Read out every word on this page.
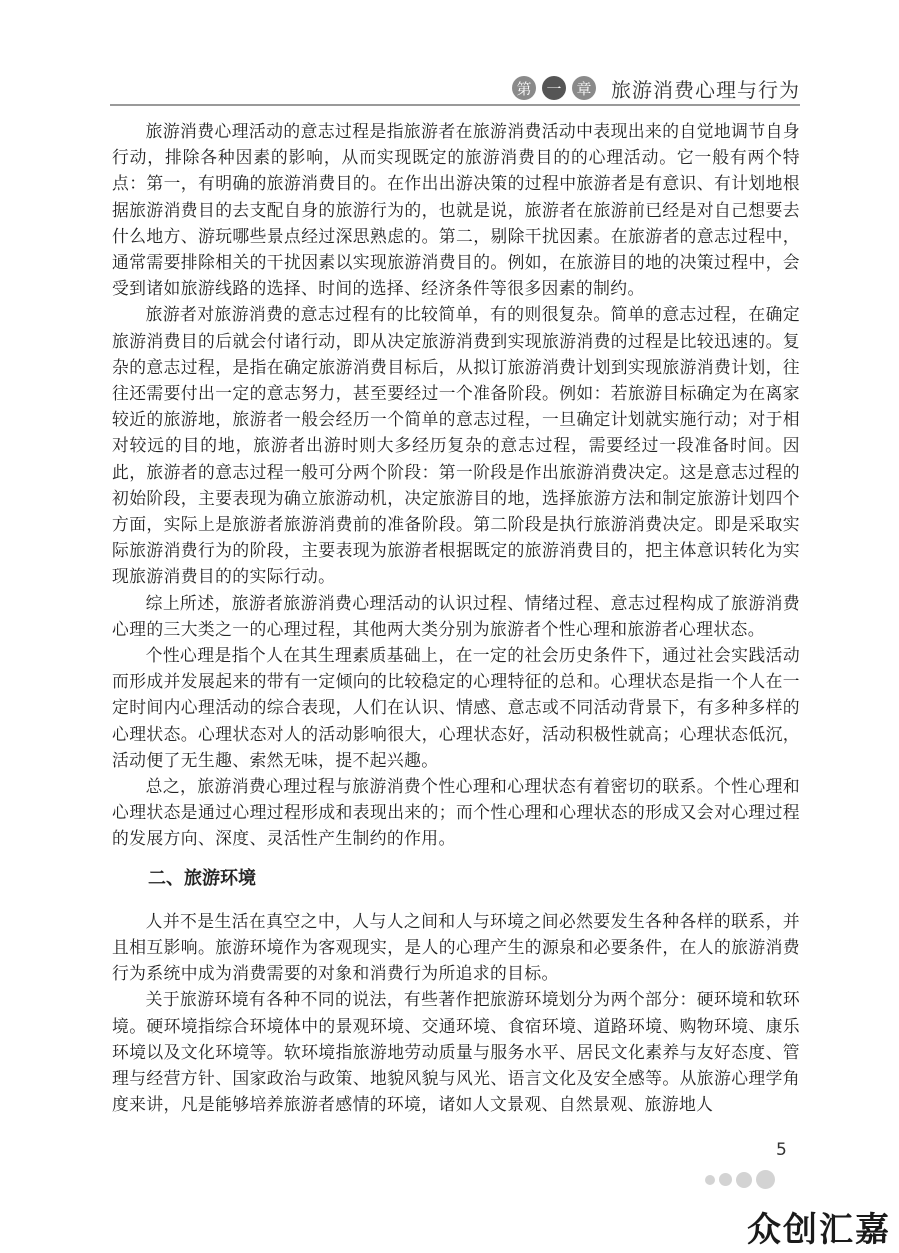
第 一 章 旅游消费心理与行为

旅游消费心理活动的意志过程是指旅游者在旅游消费活动中表现出来的自觉地调节自身行动，排除各种因素的影响，从而实现既定的旅游消费目的的心理活动。它一般有两个特点：第一，有明确的旅游消费目的。在作出出游决策的过程中旅游者是有意识、有计划地根据旅游消费目的去支配自身的旅游行为的，也就是说，旅游者在旅游前已经是对自己想要去什么地方、游玩哪些景点经过深思熟虑的。第二，剔除干扰因素。在旅游者的意志过程中，通常需要排除相关的干扰因素以实现旅游消费目的。例如，在旅游目的地的决策过程中，会受到诸如旅游线路的选择、时间的选择、经济条件等很多因素的制约。

旅游者对旅游消费的意志过程有的比较简单，有的则很复杂。简单的意志过程，在确定旅游消费目的后就会付诸行动，即从决定旅游消费到实现旅游消费的过程是比较迅速的。复杂的意志过程，是指在确定旅游消费目标后，从拟订旅游消费计划到实现旅游消费计划，往往还需要付出一定的意志努力，甚至要经过一个准备阶段。例如：若旅游目标确定为在离家较近的旅游地，旅游者一般会经历一个简单的意志过程，一旦确定计划就实施行动；对于相对较远的目的地，旅游者出游时则大多经历复杂的意志过程，需要经过一段准备时间。因此，旅游者的意志过程一般可分两个阶段：第一阶段是作出旅游消费决定。这是意志过程的初始阶段，主要表现为确立旅游动机，决定旅游目的地，选择旅游方法和制定旅游计划四个方面，实际上是旅游者旅游消费前的准备阶段。第二阶段是执行旅游消费决定。即是采取实际旅游消费行为的阶段，主要表现为旅游者根据既定的旅游消费目的，把主体意识转化为实现旅游消费目的的实际行动。

综上所述，旅游者旅游消费心理活动的认识过程、情绪过程、意志过程构成了旅游消费心理的三大类之一的心理过程，其他两大类分别为旅游者个性心理和旅游者心理状态。

个性心理是指个人在其生理素质基础上，在一定的社会历史条件下，通过社会实践活动而形成并发展起来的带有一定倾向的比较稳定的心理特征的总和。心理状态是指一个人在一定时间内心理活动的综合表现，人们在认识、情感、意志或不同活动背景下，有多种多样的心理状态。心理状态对人的活动影响很大，心理状态好，活动积极性就高；心理状态低沉，活动便了无生趣、索然无味，提不起兴趣。

总之，旅游消费心理过程与旅游消费个性心理和心理状态有着密切的联系。个性心理和心理状态是通过心理过程形成和表现出来的；而个性心理和心理状态的形成又会对心理过程的发展方向、深度、灵活性产生制约的作用。

二、旅游环境

人并不是生活在真空之中，人与人之间和人与环境之间必然要发生各种各样的联系，并且相互影响。旅游环境作为客观现实，是人的心理产生的源泉和必要条件，在人的旅游消费行为系统中成为消费需要的对象和消费行为所追求的目标。

关于旅游环境有各种不同的说法，有些著作把旅游环境划分为两个部分：硬环境和软环境。硬环境指综合环境体中的景观环境、交通环境、食宿环境、道路环境、购物环境、康乐环境以及文化环境等。软环境指旅游地劳动质量与服务水平、居民文化素养与友好态度、管理与经营方针、国家政治与政策、地貌风貌与风光、语言文化及安全感等。从旅游心理学角度来讲，凡是能够培养旅游者感情的环境，诸如人文景观、自然景观、旅游地人

5
众创汇嘉
